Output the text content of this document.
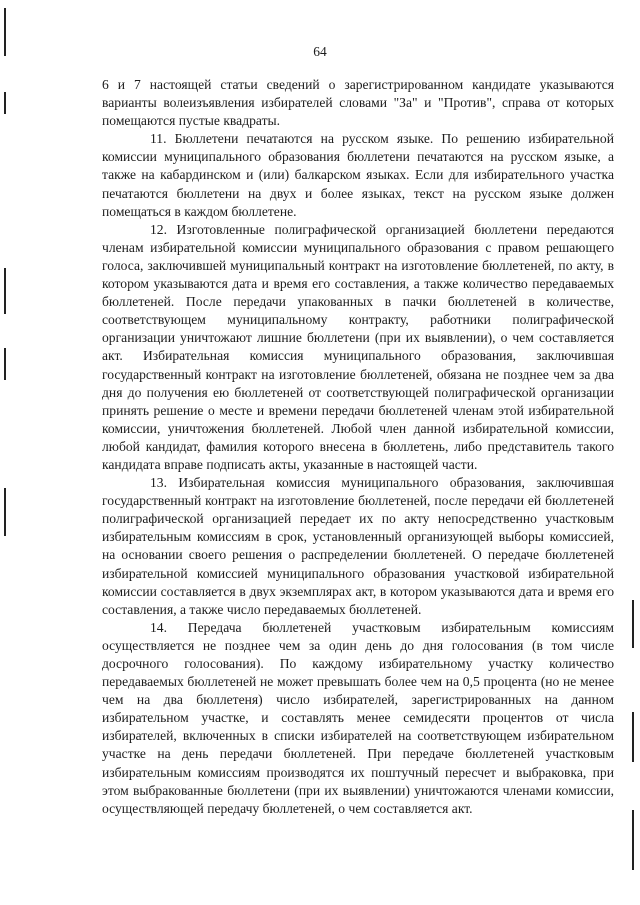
64

6 и 7 настоящей статьи сведений о зарегистрированном кандидате указываются варианты волеизъявления избирателей словами "За" и "Против", справа от которых помещаются пустые квадраты.

11. Бюллетени печатаются на русском языке. По решению избирательной комиссии муниципального образования бюллетени печатаются на русском языке, а также на кабардинском и (или) балкарском языках. Если для избирательного участка печатаются бюллетени на двух и более языках, текст на русском языке должен помещаться в каждом бюллетене.

12. Изготовленные полиграфической организацией бюллетени передаются членам избирательной комиссии муниципального образования с правом решающего голоса, заключившей муниципальный контракт на изготовление бюллетеней, по акту, в котором указываются дата и время его составления, а также количество передаваемых бюллетеней. После передачи упакованных в пачки бюллетеней в количестве, соответствующем муниципальному контракту, работники полиграфической организации уничтожают лишние бюллетени (при их выявлении), о чем составляется акт. Избирательная комиссия муниципального образования, заключившая государственный контракт на изготовление бюллетеней, обязана не позднее чем за два дня до получения ею бюллетеней от соответствующей полиграфической организации принять решение о месте и времени передачи бюллетеней членам этой избирательной комиссии, уничтожения бюллетеней. Любой член данной избирательной комиссии, любой кандидат, фамилия которого внесена в бюллетень, либо представитель такого кандидата вправе подписать акты, указанные в настоящей части.

13. Избирательная комиссия муниципального образования, заключившая государственный контракт на изготовление бюллетеней, после передачи ей бюллетеней полиграфической организацией передает их по акту непосредственно участковым избирательным комиссиям в срок, установленный организующей выборы комиссией, на основании своего решения о распределении бюллетеней. О передаче бюллетеней избирательной комиссией муниципального образования участковой избирательной комиссии составляется в двух экземплярах акт, в котором указываются дата и время его составления, а также число передаваемых бюллетеней.

14. Передача бюллетеней участковым избирательным комиссиям осуществляется не позднее чем за один день до дня голосования (в том числе досрочного голосования). По каждому избирательному участку количество передаваемых бюллетеней не может превышать более чем на 0,5 процента (но не менее чем на два бюллетеня) число избирателей, зарегистрированных на данном избирательном участке, и составлять менее семидесяти процентов от числа избирателей, включенных в списки избирателей на соответствующем избирательном участке на день передачи бюллетеней. При передаче бюллетеней участковым избирательным комиссиям производятся их поштучный пересчет и выбраковка, при этом выбракованные бюллетени (при их выявлении) уничтожаются членами комиссии, осуществляющей передачу бюллетеней, о чем составляется акт.
